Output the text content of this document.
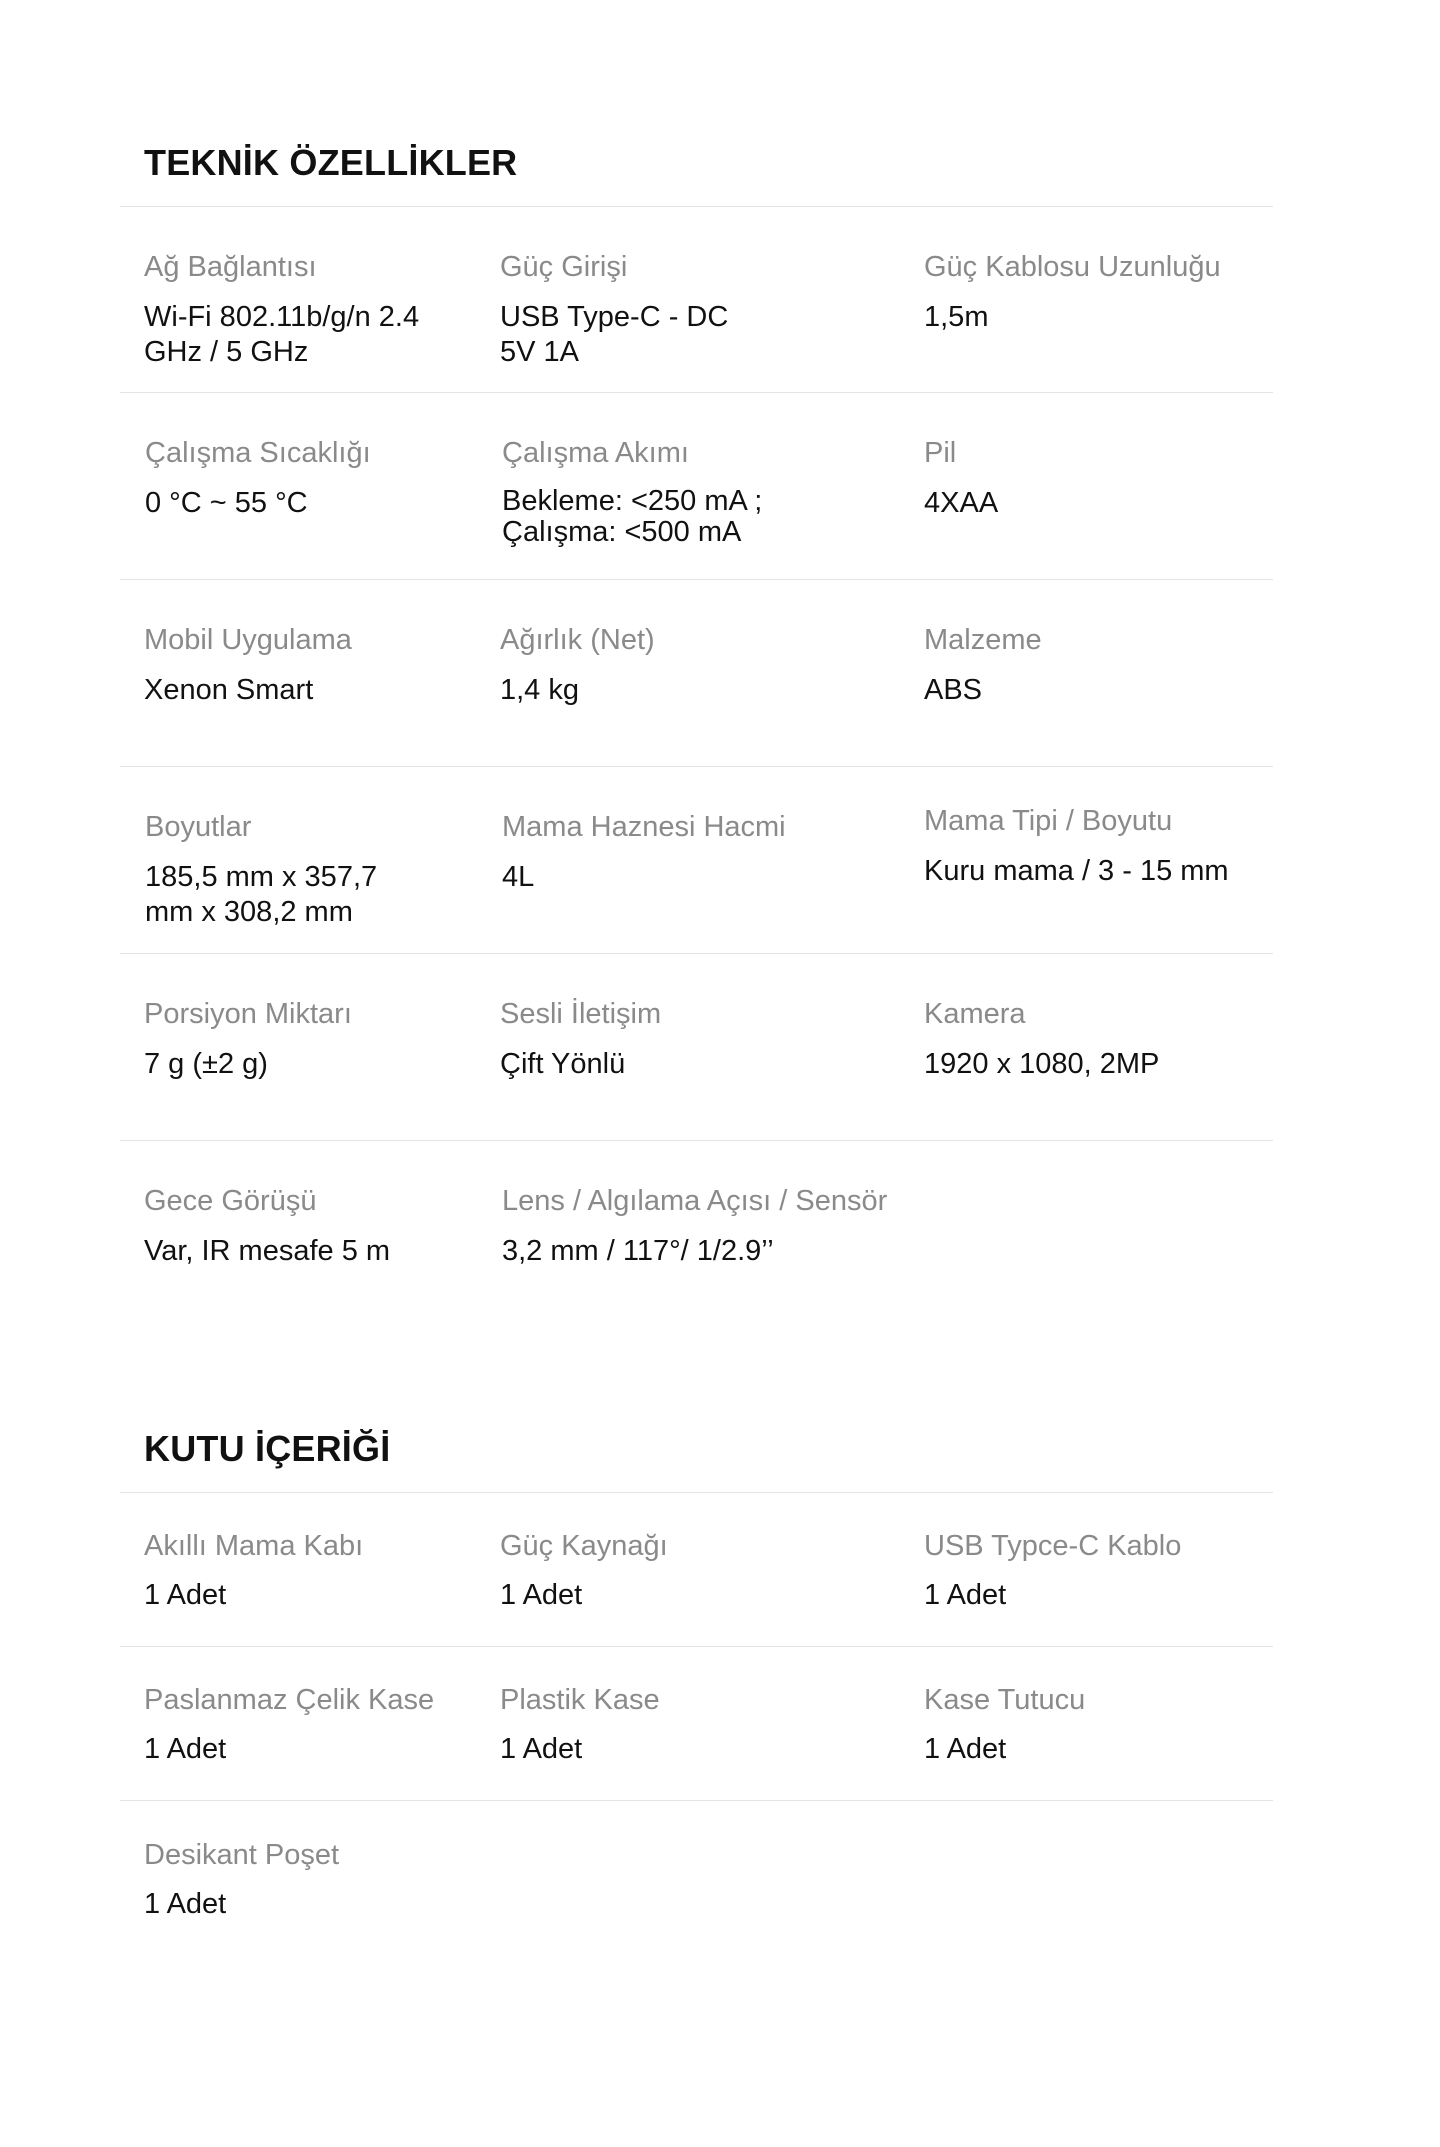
TEKNİK ÖZELLİKLER
Ağ Bağlantısı
Wi-Fi 802.11b/g/n 2.4
GHz / 5 GHz
Güç Girişi
USB Type-C - DC
5V 1A
Güç Kablosu Uzunluğu
1,5m
Çalışma Sıcaklığı
0 °C ~ 55 °C
Çalışma Akımı
Bekleme: <250 mA ;
Çalışma: <500 mA
Pil
4XAA
Mobil Uygulama
Xenon Smart
Ağırlık (Net)
1,4 kg
Malzeme
ABS
Boyutlar
185,5 mm x 357,7
mm x 308,2 mm
Mama Haznesi Hacmi
4L
Mama Tipi / Boyutu
Kuru mama / 3 - 15 mm
Porsiyon Miktarı
7 g (±2 g)
Sesli İletişim
Çift Yönlü
Kamera
1920 x 1080, 2MP
Gece Görüşü
Var, IR mesafe 5 m
Lens / Algılama Açısı / Sensör
3,2 mm / 117°/ 1/2.9’’
KUTU İÇERİĞİ
Akıllı Mama Kabı
1 Adet
Güç Kaynağı
1 Adet
USB Typce-C Kablo
1 Adet
Paslanmaz Çelik Kase
1 Adet
Plastik Kase
1 Adet
Kase Tutucu
1 Adet
Desikant Poşet
1 Adet
